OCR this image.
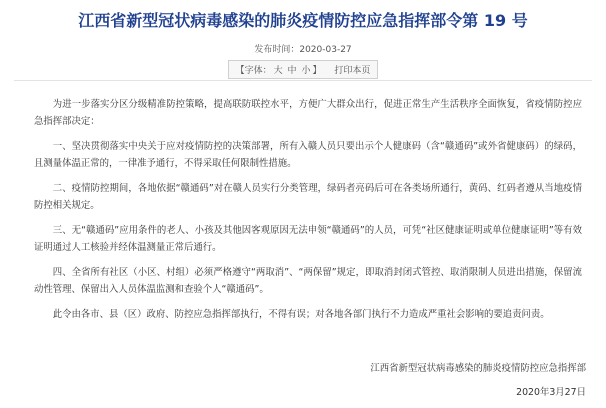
江西省新型冠状病毒感染的肺炎疫情防控应急指挥部令第 19 号
发布时间：2020-03-27
【字体： 大 中 小 】 打印本页

为进一步落实分区分级精准防控策略，提高联防联控水平，方便广大群众出行，促进正常生产生活秩序全面恢复，省疫情防控应急指挥部决定：

一、坚决贯彻落实中央关于应对疫情防控的决策部署，所有入赣人员只要出示个人健康码（含“赣通码”或外省健康码）的绿码，且测量体温正常的，一律准予通行，不得采取任何限制性措施。

二、疫情防控期间，各地依据“赣通码”对在赣人员实行分类管理，绿码者亮码后可在各类场所通行，黄码、红码者遵从当地疫情防控相关规定。

三、无“赣通码”应用条件的老人、小孩及其他因客观原因无法申领“赣通码”的人员，可凭“社区健康证明或单位健康证明”等有效证明通过人工核验并经体温测量正常后通行。

四、全省所有社区（小区、村组）必须严格遵守“两取消”、“两保留”规定，即取消封闭式管控、取消限制人员进出措施，保留流动性管理、保留出入人员体温监测和查验个人“赣通码”。

此令由各市、县（区）政府、防控应急指挥部执行，不得有误；对各地各部门执行不力造成严重社会影响的要追责问责。

江西省新型冠状病毒感染的肺炎疫情防控应急指挥部
2020年3月27日
